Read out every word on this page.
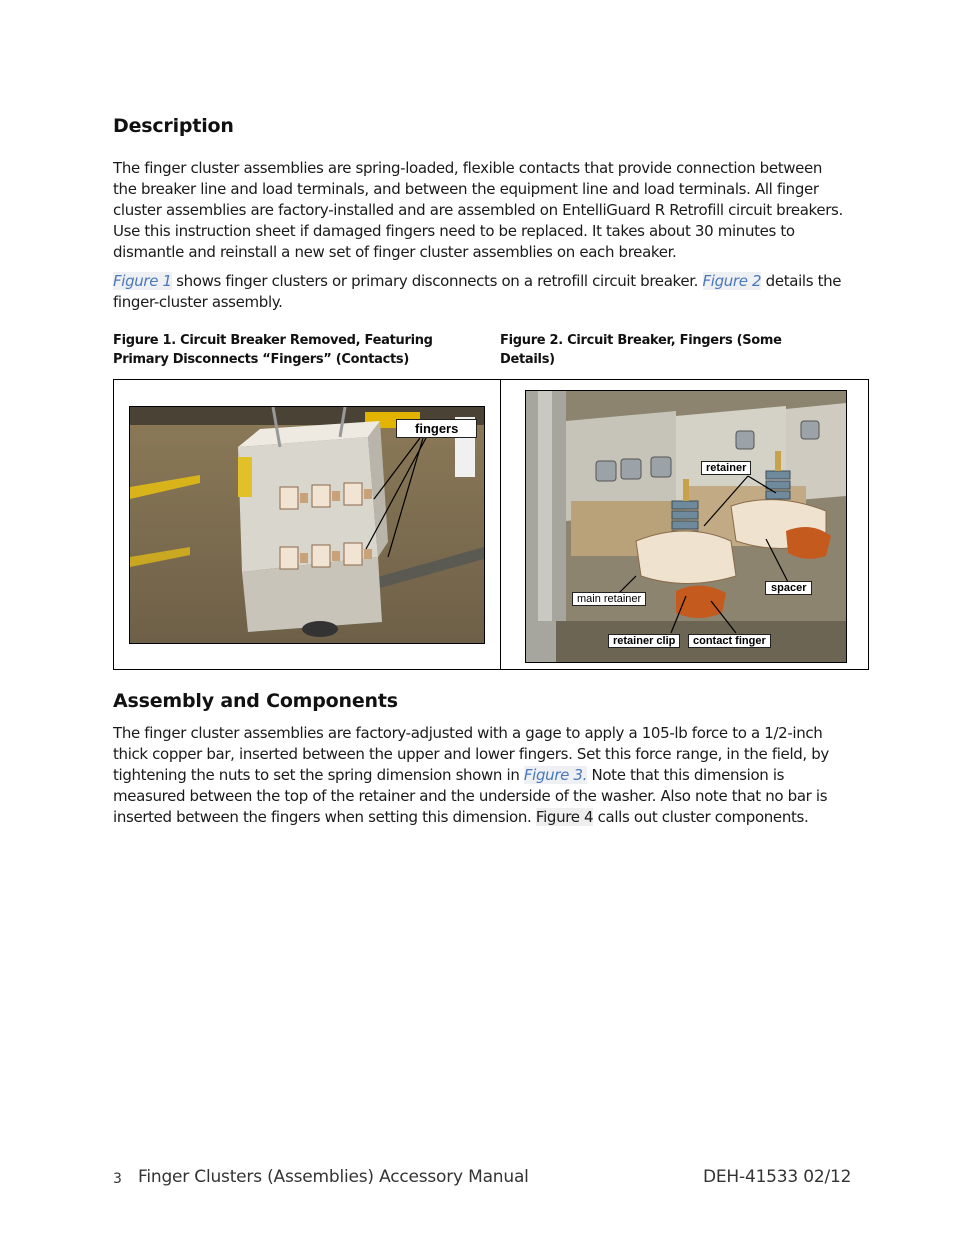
Description

The finger cluster assemblies are spring-loaded, flexible contacts that provide connection between the breaker line and load terminals, and between the equipment line and load terminals. All finger cluster assemblies are factory-installed and are assembled on EntelliGuard R Retrofill circuit breakers. Use this instruction sheet if damaged fingers need to be replaced. It takes about 30 minutes to dismantle and reinstall a new set of finger cluster assemblies on each breaker.

Figure 1 shows finger clusters or primary disconnects on a retrofill circuit breaker. Figure 2 details the finger-cluster assembly.

Figure 1. Circuit Breaker Removed, Featuring Primary Disconnects “Fingers” (Contacts)

Figure 2. Circuit Breaker, Fingers (Some Details)

fingers
retainer
spacer
main retainer
retainer clip	contact finger
Assembly and Components

The finger cluster assemblies are factory-adjusted with a gage to apply a 105-lb force to a 1/2-inch thick copper bar, inserted between the upper and lower fingers. Set this force range, in the field, by tightening the nuts to set the spring dimension shown in Figure 3. Note that this dimension is measured between the top of the retainer and the underside of the washer. Also note that no bar is inserted between the fingers when setting this dimension. Figure 4 calls out cluster components.

3 Finger Clusters (Assemblies) Accessory Manual	DEH-41533 02/12
